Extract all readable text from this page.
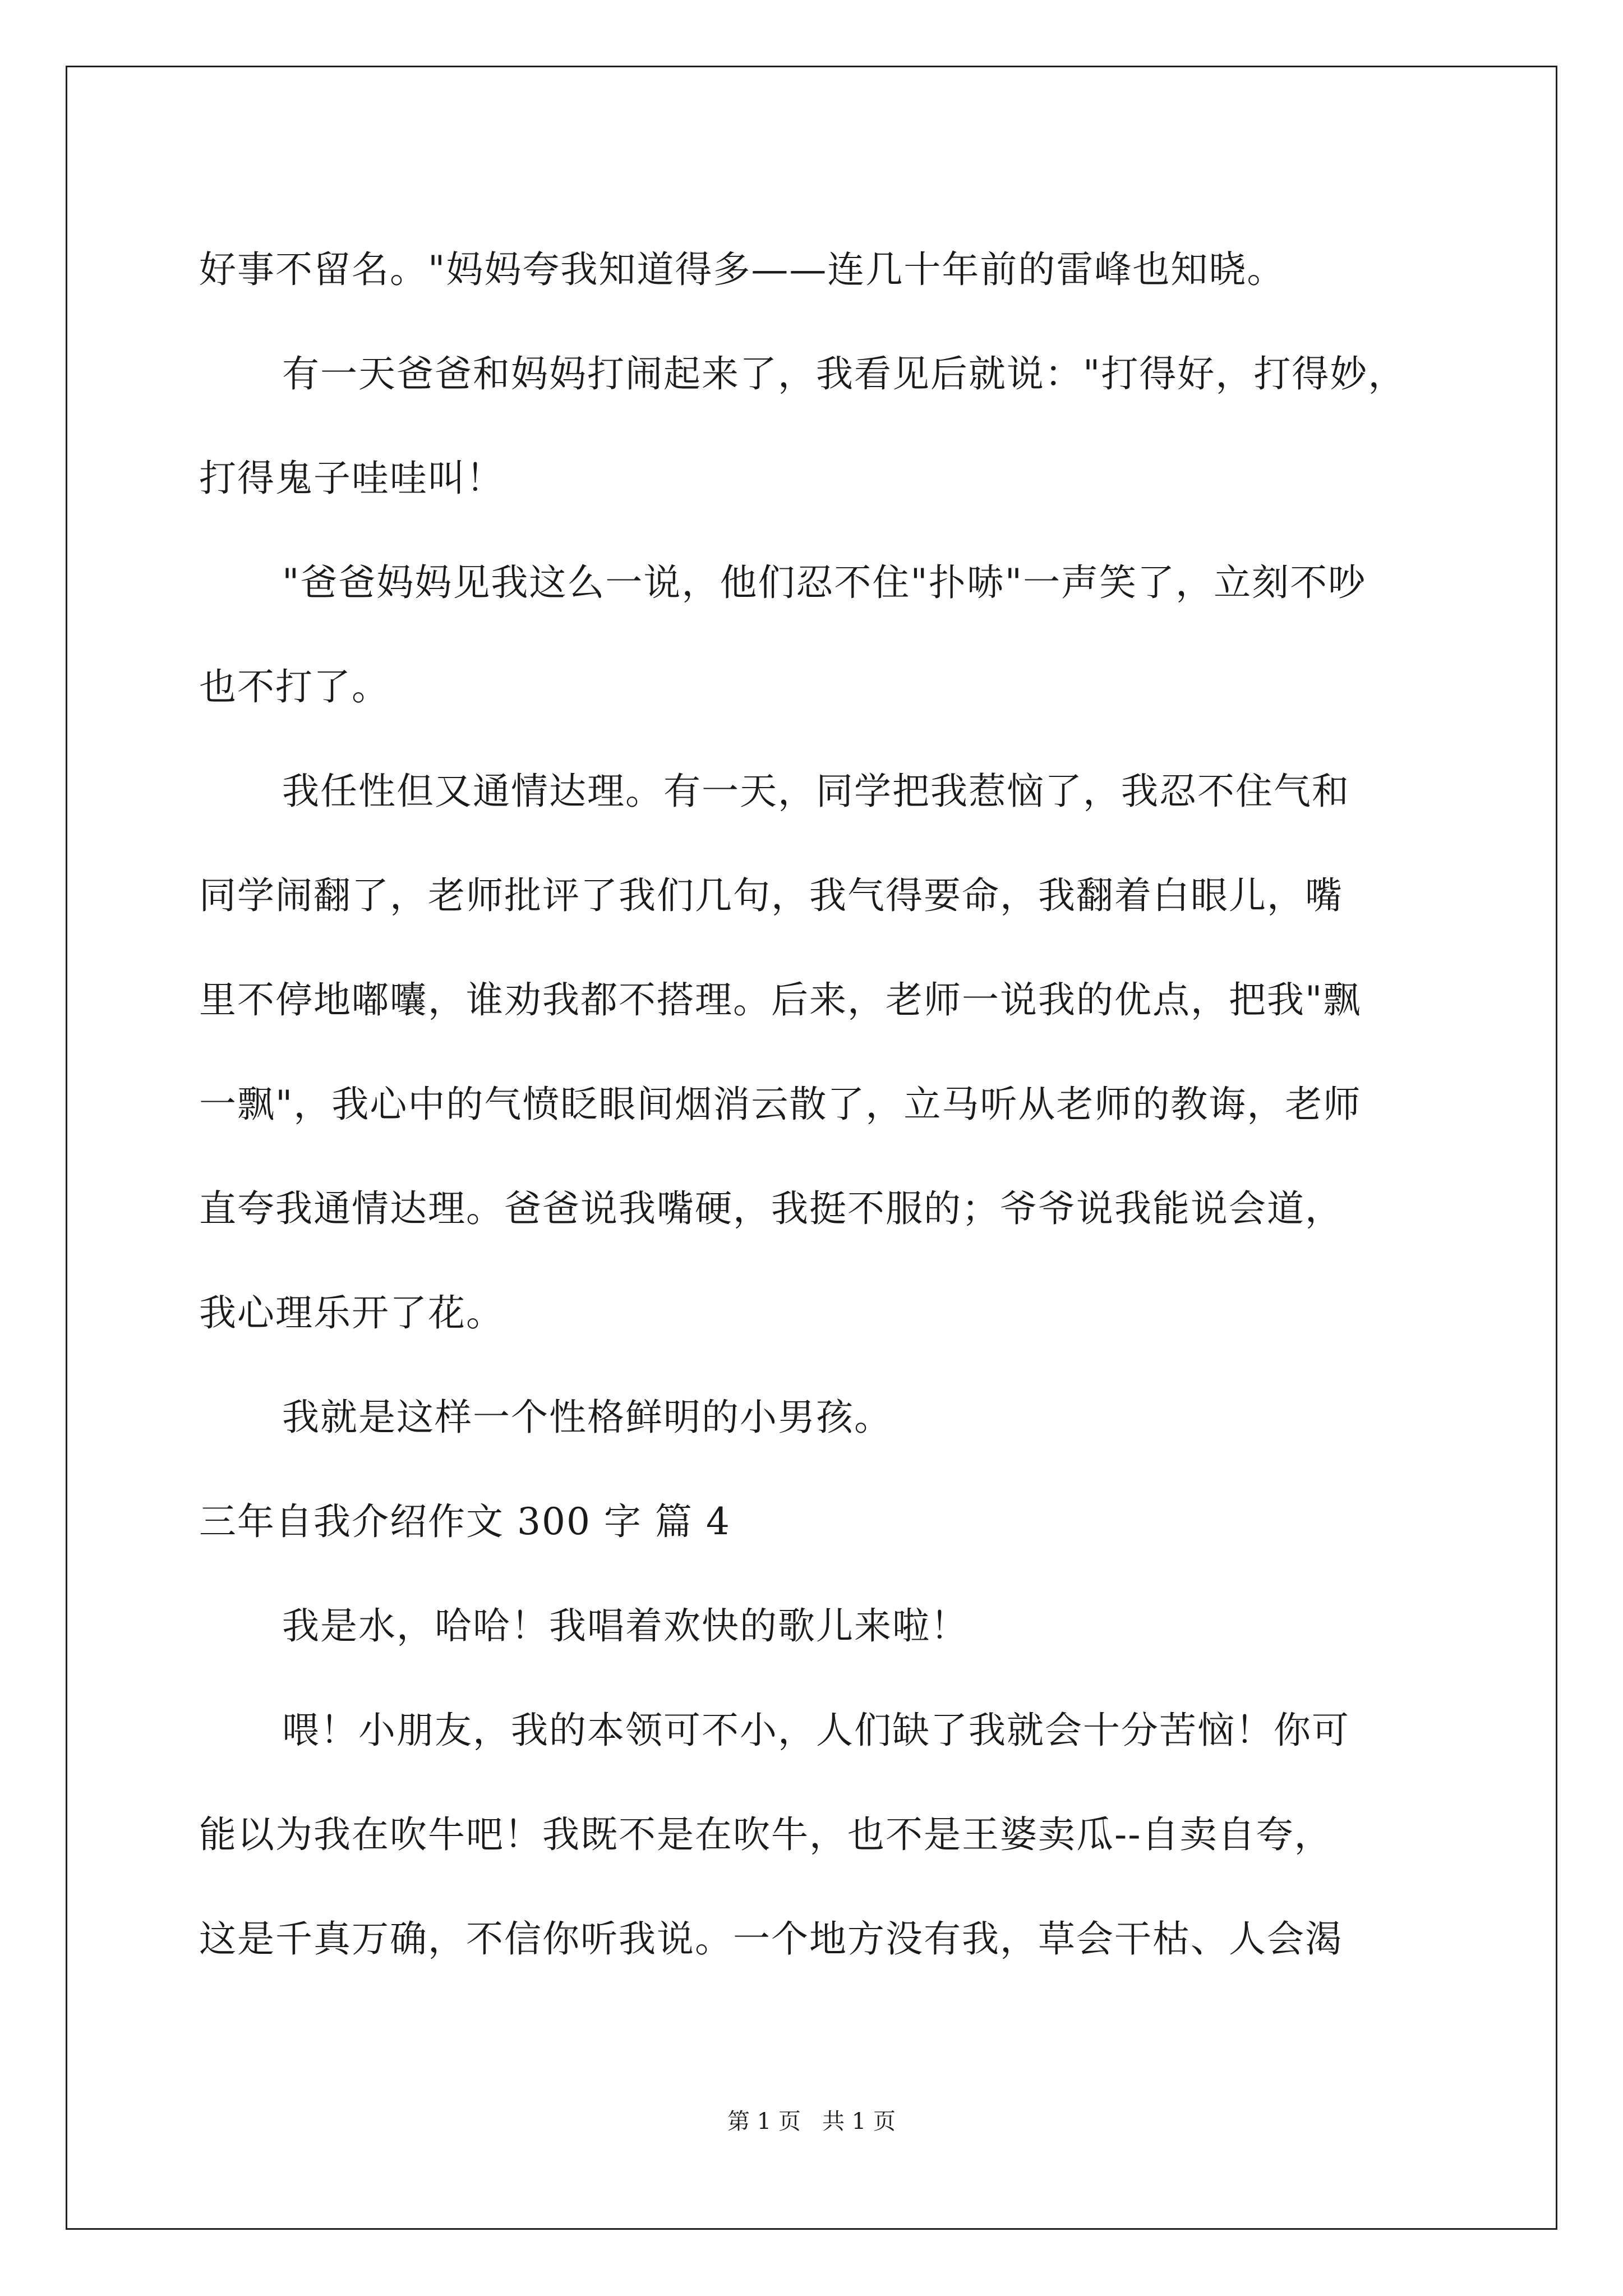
好事不留名。"妈妈夸我知道得多——连几十年前的雷峰也知晓。
有一天爸爸和妈妈打闹起来了，我看见后就说："打得好，打得妙，
打得鬼子哇哇叫！
"爸爸妈妈见我这么一说，他们忍不住"扑哧"一声笑了，立刻不吵
也不打了。
我任性但又通情达理。有一天，同学把我惹恼了，我忍不住气和
同学闹翻了，老师批评了我们几句，我气得要命，我翻着白眼儿，嘴
里不停地嘟囔，谁劝我都不搭理。后来，老师一说我的优点，把我"飘
一飘"，我心中的气愤眨眼间烟消云散了，立马听从老师的教诲，老师
直夸我通情达理。爸爸说我嘴硬，我挺不服的；爷爷说我能说会道，
我心理乐开了花。
我就是这样一个性格鲜明的小男孩。
三年自我介绍作文 300 字 篇 4
我是水，哈哈！我唱着欢快的歌儿来啦！
喂！小朋友，我的本领可不小，人们缺了我就会十分苦恼！你可
能以为我在吹牛吧！我既不是在吹牛，也不是王婆卖瓜--自卖自夸，
这是千真万确，不信你听我说。一个地方没有我，草会干枯、人会渴
第 1 页   共 1 页
